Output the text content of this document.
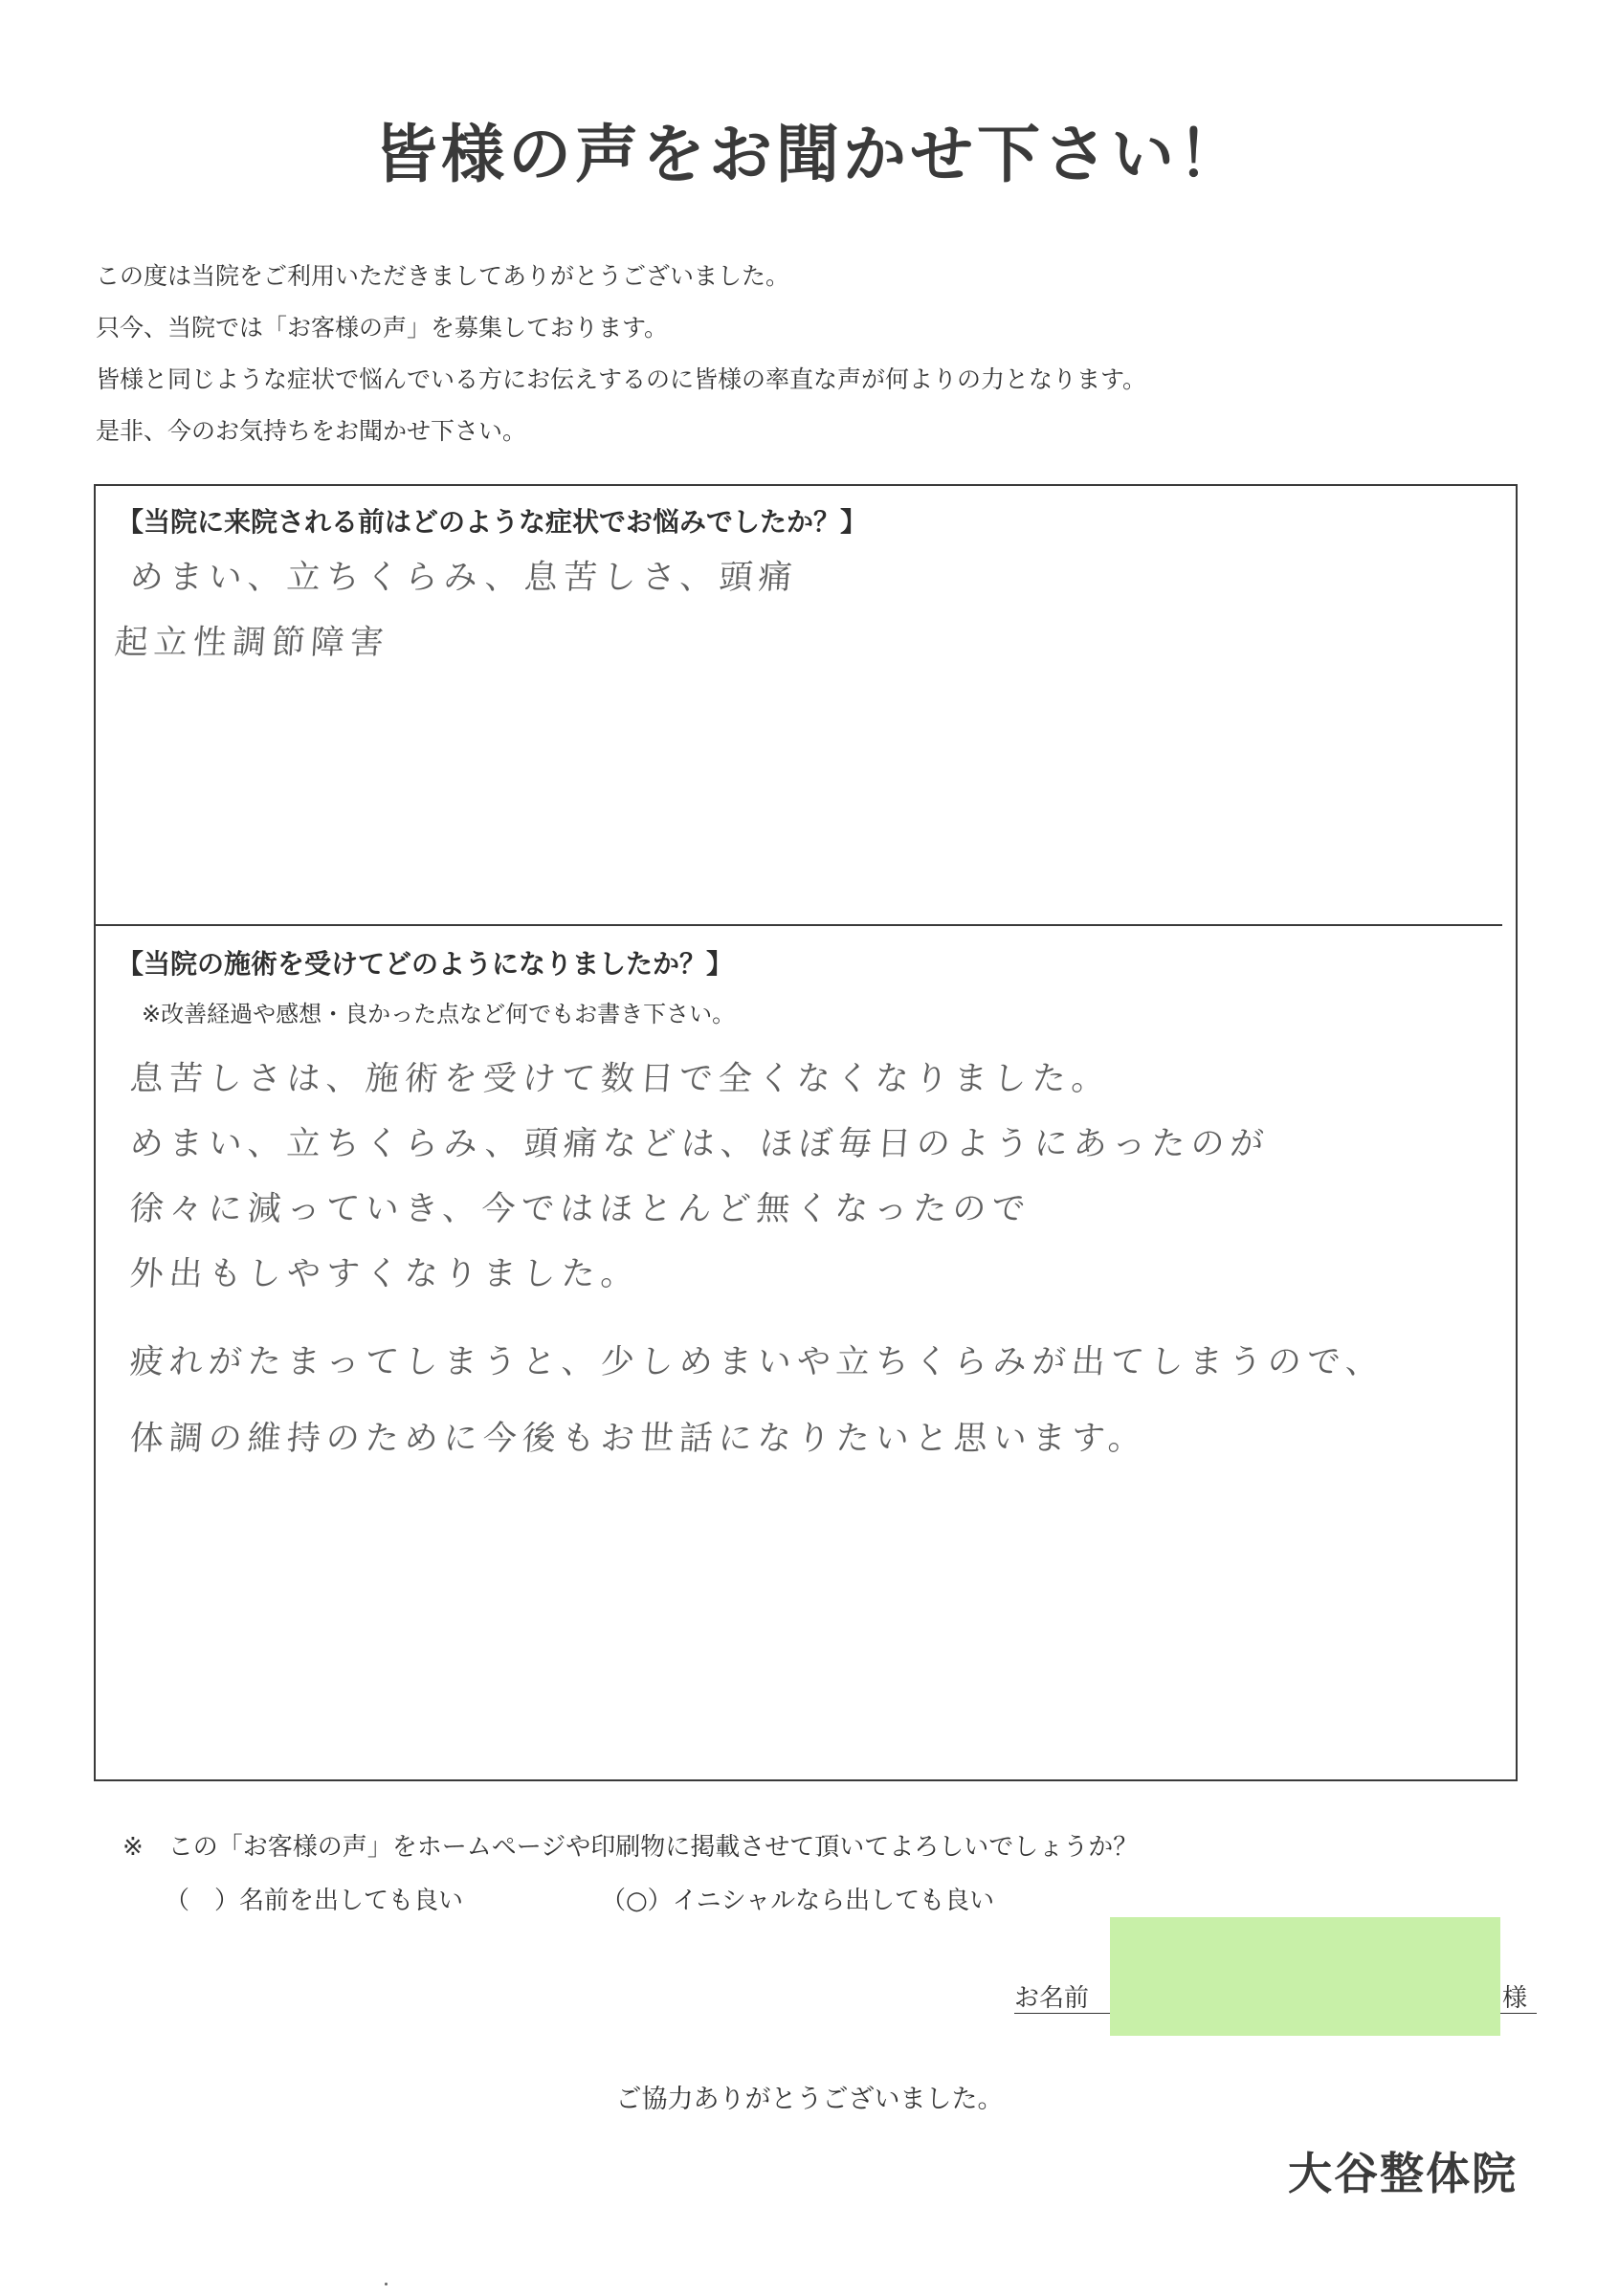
皆様の声をお聞かせ下さい！
この度は当院をご利用いただきましてありがとうございました。
只今、当院では「お客様の声」を募集しております。
皆様と同じような症状で悩んでいる方にお伝えするのに皆様の率直な声が何よりの力となります。
是非、今のお気持ちをお聞かせ下さい。
【当院に来院される前はどのような症状でお悩みでしたか？】
めまい、立ちくらみ、息苦しさ、頭痛
起立性調節障害
【当院の施術を受けてどのようになりましたか？】
※改善経過や感想・良かった点など何でもお書き下さい。
息苦しさは、施術を受けて数日で全くなくなりました。
めまい、立ちくらみ、頭痛などは、ほぼ毎日のようにあったのが
徐々に減っていき、今ではほとんど無くなったので
外出もしやすくなりました。
疲れがたまってしまうと、少しめまいや立ちくらみが出てしまうので、
体調の維持のために今後もお世話になりたいと思います。
※　この「お客様の声」をホームページや印刷物に掲載させて頂いてよろしいでしょうか？
（　）名前を出しても良い	（○）イニシャルなら出しても良い
お名前	様
ご協力ありがとうございました。
大谷整体院
